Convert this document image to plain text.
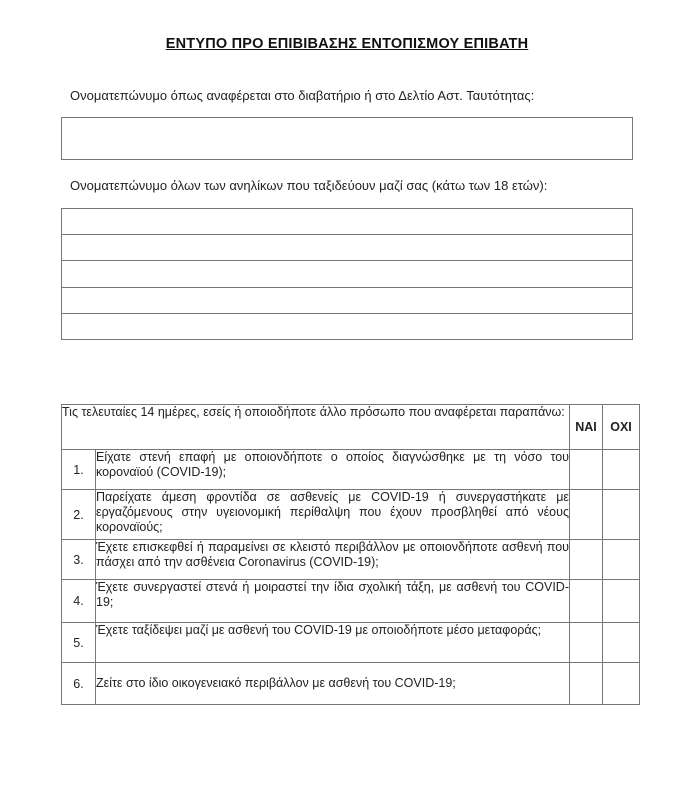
ΕΝΤΥΠΟ ΠΡΟ ΕΠΙΒΙΒΑΣΗΣ ΕΝΤΟΠΙΣΜΟΥ ΕΠΙΒΑΤΗ
Ονοματεπώνυμο όπως αναφέρεται στο διαβατήριο ή στο Δελτίο Αστ. Ταυτότητας:
Ονοματεπώνυμο όλων των ανηλίκων που ταξιδεύουν μαζί σας (κάτω των 18 ετών):
Τις τελευταίες 14 ημέρες, εσείς ή οποιοδήποτε άλλο πρόσωπο που αναφέρεται παραπάνω:		ΝΑΙ	ΟΧΙ
1.	Είχατε στενή επαφή με οποιονδήποτε ο οποίος διαγνώσθηκε με τη νόσο του κοροναϊού (COVID-19);		
2.	Παρείχατε άμεση φροντίδα σε ασθενείς με COVID-19 ή συνεργαστήκατε με εργαζόμενους στην υγειονομική περίθαλψη που έχουν προσβληθεί από νέους κοροναϊούς;		
3.	Έχετε επισκεφθεί ή παραμείνει σε κλειστό περιβάλλον με οποιονδήποτε ασθενή που πάσχει από την ασθένεια Coronavirus (COVID-19);		
4.	Έχετε συνεργαστεί στενά ή μοιραστεί την ίδια σχολική τάξη, με ασθενή του COVID-19;		
5.	Έχετε ταξίδεψει μαζί με ασθενή του COVID-19 με οποιοδήποτε μέσο μεταφοράς;		
6.	Ζείτε στο ίδιο οικογενειακό περιβάλλον με ασθενή του COVID-19;		
